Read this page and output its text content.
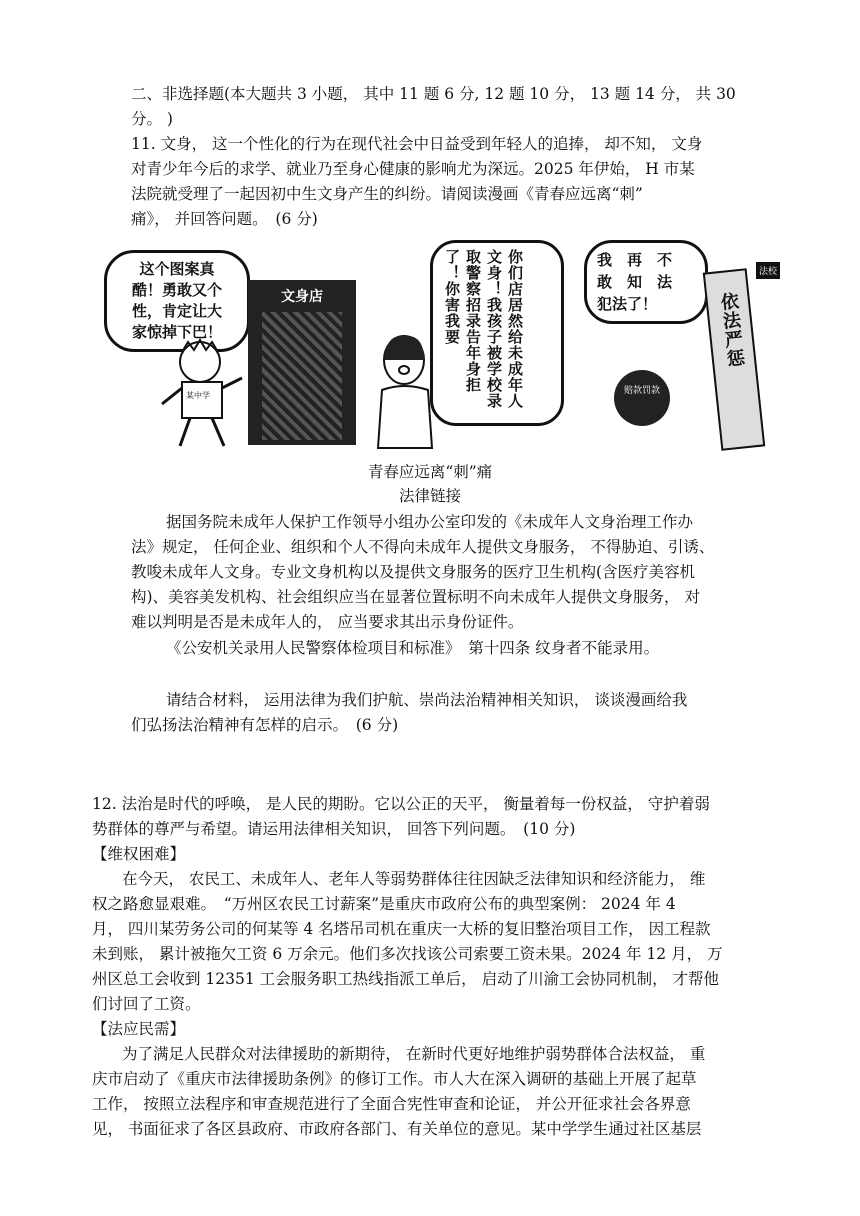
二、非选择题(本大题共 3 小题， 其中 11 题 6 分, 12 题 10 分， 13 题 14 分， 共 30
分。 )
11. 文身， 这一个性化的行为在现代社会中日益受到年轻人的追捧， 却不知， 文身
对青少年今后的求学、就业乃至身心健康的影响尤为深远。2025 年伊始， H 市某
法院就受理了一起因初中生文身产生的纠纷。请阅读漫画《青春应远离“刺”
痛》， 并回答问题。　(6 分)
这个图案真
酷！勇敢又个
性，肯定让大
家惊掉下巴！
文身店
某中学	你们店居然给未成年人文身！我孩子被学校录取警察招录告年身拒了！你害我要	我　再　不
敢　知　法
犯法了！	依法严惩
法校
赔款罚款
青春应远离“刺”痛
法律链接
据国务院未成年人保护工作领导小组办公室印发的《未成年人文身治理工作办
法》规定， 任何企业、组织和个人不得向未成年人提供文身服务， 不得胁迫、引诱、
教唆未成年人文身。专业文身机构以及提供文身服务的医疗卫生机构(含医疗美容机
构)、美容美发机构、社会组织应当在显著位置标明不向未成年人提供文身服务， 对
难以判明是否是未成年人的， 应当要求其出示身份证件。
《公安机关录用人民警察体检项目和标准》　第十四条 纹身者不能录用。
请结合材料， 运用法律为我们护航、崇尚法治精神相关知识， 谈谈漫画给我
们弘扬法治精神有怎样的启示。　(6 分)
12. 法治是时代的呼唤， 是人民的期盼。它以公正的天平， 衡量着每一份权益， 守护着弱
势群体的尊严与希望。请运用法律相关知识， 回答下列问题。　(10 分)
【维权困难】
在今天， 农民工、未成年人、老年人等弱势群体往往因缺乏法律知识和经济能力， 维
权之路愈显艰难。　“万州区农民工讨薪案”是重庆市政府公布的典型案例： 2024 年 4
月， 四川某劳务公司的何某等 4 名塔吊司机在重庆一大桥的复旧整治项目工作， 因工程款
未到账， 累计被拖欠工资 6 万余元。他们多次找该公司索要工资未果。2024 年 12 月， 万
州区总工会收到 12351 工会服务职工热线指派工单后， 启动了川渝工会协同机制， 才帮他
们讨回了工资。
【法应民需】
为了满足人民群众对法律援助的新期待， 在新时代更好地维护弱势群体合法权益， 重
庆市启动了《重庆市法律援助条例》的修订工作。市人大在深入调研的基础上开展了起草
工作， 按照立法程序和审查规范进行了全面合宪性审查和论证， 并公开征求社会各界意
见， 书面征求了各区县政府、市政府各部门、有关单位的意见。某中学学生通过社区基层
